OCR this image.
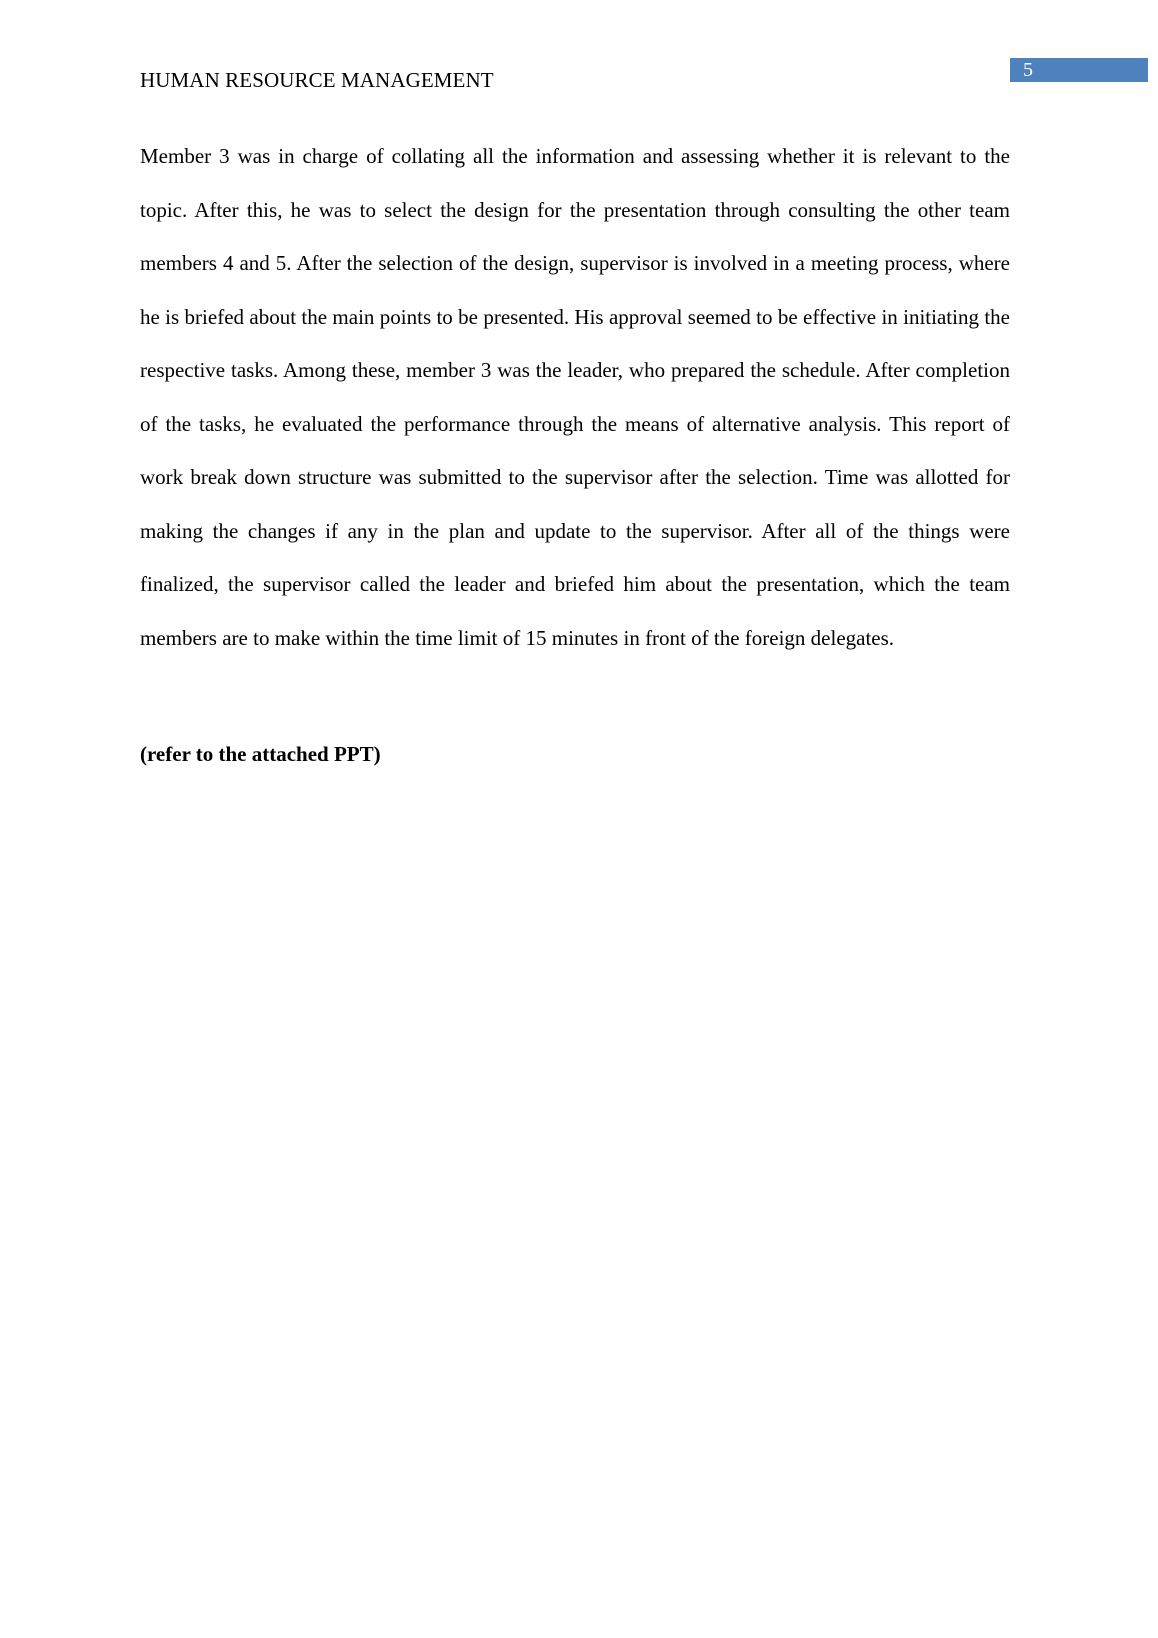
HUMAN RESOURCE MANAGEMENT	5

Member 3 was in charge of collating all the information and assessing whether it is relevant to the topic. After this, he was to select the design for the presentation through consulting the other team members 4 and 5. After the selection of the design, supervisor is involved in a meeting process, where he is briefed about the main points to be presented. His approval seemed to be effective in initiating the respective tasks. Among these, member 3 was the leader, who prepared the schedule. After completion of the tasks, he evaluated the performance through the means of alternative analysis. This report of work break down structure was submitted to the supervisor after the selection. Time was allotted for making the changes if any in the plan and update to the supervisor. After all of the things were finalized, the supervisor called the leader and briefed him about the presentation, which the team members are to make within the time limit of 15 minutes in front of the foreign delegates.

(refer to the attached PPT)
